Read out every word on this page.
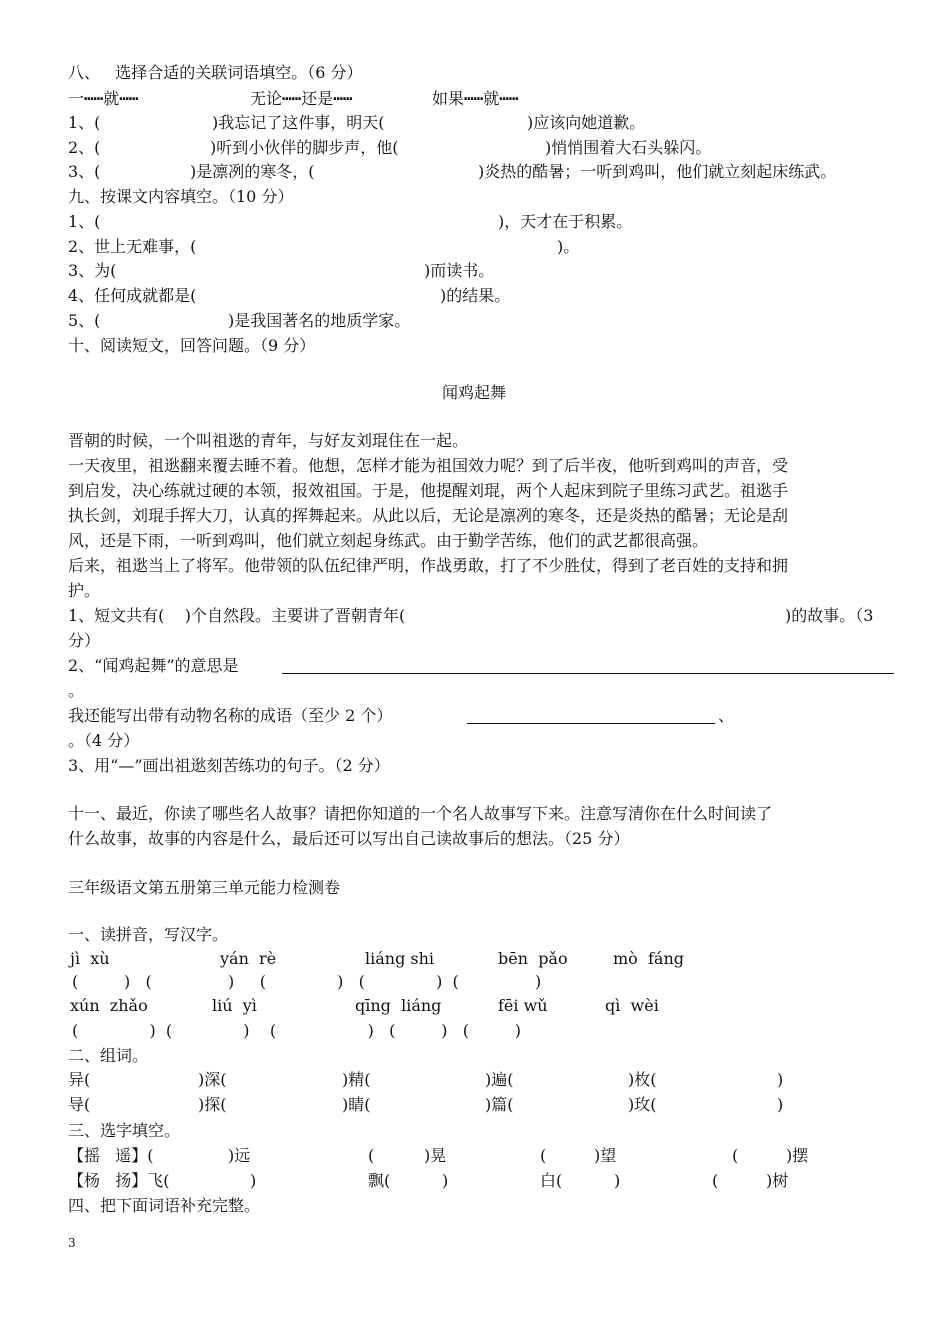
八、   选择合适的关联词语填空。（6 分）
一┅┅就┅┅	无论┅┅还是┅┅	如果┅┅就┅┅
1、(	)我忘记了这件事，明天(	)应该向她道歉。
2、(	)听到小伙伴的脚步声，他(	)悄悄围着大石头躲闪。
3、(	)是凛冽的寒冬，(	)炎热的酷暑；一听到鸡叫，他们就立刻起床练武。
九、按课文内容填空。（10 分）
1、(	)，天才在于积累。
2、世上无难事，(	)。
3、为(	)而读书。
4、任何成就都是(	)的结果。
5、(	)是我国著名的地质学家。
十、阅读短文，回答问题。（9 分）
闻鸡起舞
晋朝的时候，一个叫祖逖的青年，与好友刘琨住在一起。
一天夜里，祖逖翻来覆去睡不着。他想，怎样才能为祖国效力呢？到了后半夜，他听到鸡叫的声音，受
到启发，决心练就过硬的本领，报效祖国。于是，他提醒刘琨，两个人起床到院子里练习武艺。祖逖手
执长剑，刘琨手挥大刀，认真的挥舞起来。从此以后，无论是凛冽的寒冬，还是炎热的酷暑；无论是刮
风，还是下雨，一听到鸡叫，他们就立刻起身练武。由于勤学苦练，他们的武艺都很高强。
后来，祖逖当上了将军。他带领的队伍纪律严明，作战勇敢，打了不少胜仗，得到了老百姓的支持和拥
护。
1、短文共有(    )个自然段。主要讲了晋朝青年(	)的故事。（3
分）
2、“闻鸡起舞”的意思是
。
我还能写出带有动物名称的成语（至少 2 个）	、
。（4 分）
3、用“—”画出祖逖刻苦练功的句子。（2 分）
十一、最近，你读了哪些名人故事？请把你知道的一个名人故事写下来。注意写清你在什么时间读了
什么故事，故事的内容是什么，最后还可以写出自己读故事后的想法。（25 分）
三年级语文第五册第三单元能力检测卷
一、读拼音，写汉字。
jì  xù	yán  rè	liáng shi	bēn  pǎo	mò  fáng
(         )   (               )     (              )   (              )  (               )
xún  zhǎo	liú  yì	qīng  liáng	fēi wǔ	qì  wèi
(              )  (              )    (                  )   (         )   (         )
二、组词。
异(	)深(	)精(	)遍(	)枚(	)
导(	)探(	)睛(	)篇(	)玫(	)
三、选字填空。
【摇   遥】(	)远	(	)晃	(	)望	(	)摆
【杨   扬】飞(	)	飘(	)	白(	)	(	)树
四、把下面词语补充完整。
3
